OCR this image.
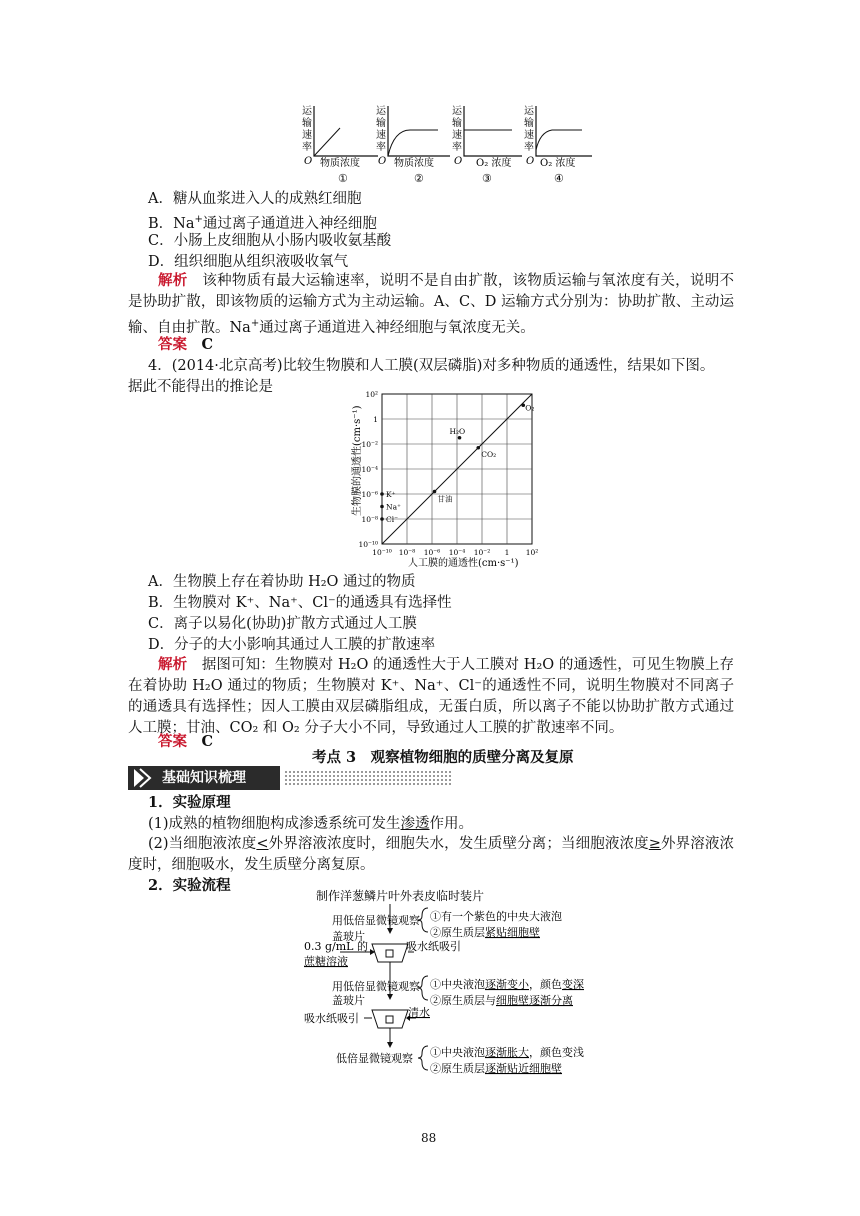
运
输
速
率
O 物质浓度
①
运
输
速
率
O 物质浓度
②
运
输
速
率
O O₂ 浓度
③
运
输
速
率
O O₂ 浓度
④
A．糖从血浆进入人的成熟红细胞
B．Na+通过离子通道进入神经细胞
C．小肠上皮细胞从小肠内吸收氨基酸
D．组织细胞从组织液吸收氧气
解析　 该种物质有最大运输速率，说明不是自由扩散，该物质运输与氧浓度有关，说明不是协助扩散，即该物质的运输方式为主动运输。A、C、D 运输方式分别为：协助扩散、主动运输、自由扩散。Na+通过离子通道进入神经细胞与氧浓度无关。
答案　 C
4．(2014·北京高考)比较生物膜和人工膜(双层磷脂)对多种物质的通透性，结果如下图。
据此不能得出的推论是
生物膜的通透性(cm·s⁻¹)
人工膜的通透性(cm·s⁻¹)
10⁻¹⁰ 10⁻⁸ 10⁻⁶ 10⁻⁴ 10⁻² 1 10²
10²
1
10⁻²
10⁻⁴
10⁻⁶
10⁻⁸
10⁻¹⁰
O₂
H₂O
CO₂
甘油
K⁺
Na⁺
Cl⁻
A．生物膜上存在着协助 H₂O 通过的物质
B．生物膜对 K⁺、Na⁺、Cl⁻的通透具有选择性
C．离子以易化(协助)扩散方式通过人工膜
D．分子的大小影响其通过人工膜的扩散速率
解析　 据图可知：生物膜对 H₂O 的通透性大于人工膜对 H₂O 的通透性，可见生物膜上存在着协助 H₂O 通过的物质；生物膜对 K⁺、Na⁺、Cl⁻的通透性不同，说明生物膜对不同离子的通透具有选择性；因人工膜由双层磷脂组成，无蛋白质，所以离子不能以协助扩散方式通过人工膜；甘油、CO₂ 和 O₂ 分子大小不同，导致通过人工膜的扩散速率不同。
答案　 C
考点 3　观察植物细胞的质壁分离及复原
基础知识梳理
1．实验原理
(1)成熟的植物细胞构成渗透系统可发生渗透作用。
(2)当细胞液浓度<外界溶液浓度时，细胞失水，发生质壁分离；当细胞液浓度≥外界溶液浓度时，细胞吸水，发生质壁分离复原。
2．实验流程
制作洋葱鳞片叶外表皮临时装片
用低倍显微镜观察 ①有一个紫色的中央大液泡
②原生质层紧贴细胞壁
盖玻片
0.3 g/mL 的
蔗糖溶液
吸水纸吸引
用低倍显微镜观察 ①中央液泡逐渐变小，颜色变深
②原生质层与细胞壁逐渐分离
盖玻片
吸水纸吸引	清水
低倍显微镜观察 ①中央液泡逐渐胀大，颜色变浅
②原生质层逐渐贴近细胞壁
88
